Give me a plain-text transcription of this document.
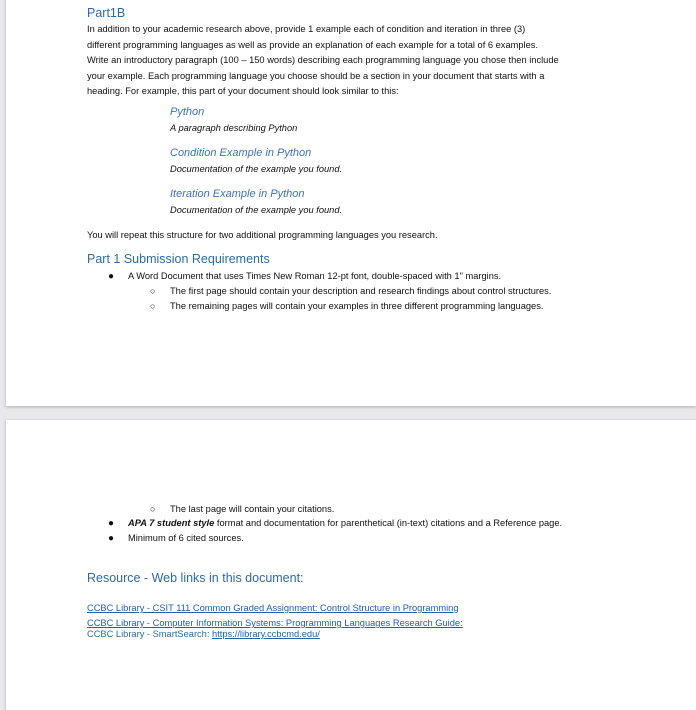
Part1B
In addition to your academic research above, provide 1 example each of condition and iteration in three (3)
different programming languages as well as provide an explanation of each example for a total of 6 examples.
Write an introductory paragraph (100 – 150 words) describing each programming language you chose then include
your example. Each programming language you choose should be a section in your document that starts with a
heading. For example, this part of your document should look similar to this:
Python
A paragraph describing Python
Condition Example in Python
Documentation of the example you found.
Iteration Example in Python
Documentation of the example you found.
You will repeat this structure for two additional programming languages you research.
Part 1 Submission Requirements
● A Word Document that uses Times New Roman 12-pt font, double-spaced with 1" margins.
○ The first page should contain your description and research findings about control structures.
○ The remaining pages will contain your examples in three different programming languages.
○ The last page will contain your citations.
● APA 7 student style format and documentation for parenthetical (in-text) citations and a Reference page.
● Minimum of 6 cited sources.
Resource - Web links in this document:
CCBC Library - CSIT 111 Common Graded Assignment: Control Structure in Programming
CCBC Library - Computer Information Systems: Programming Languages Research Guide:
CCBC Library - SmartSearch: https://library.ccbcmd.edu/
